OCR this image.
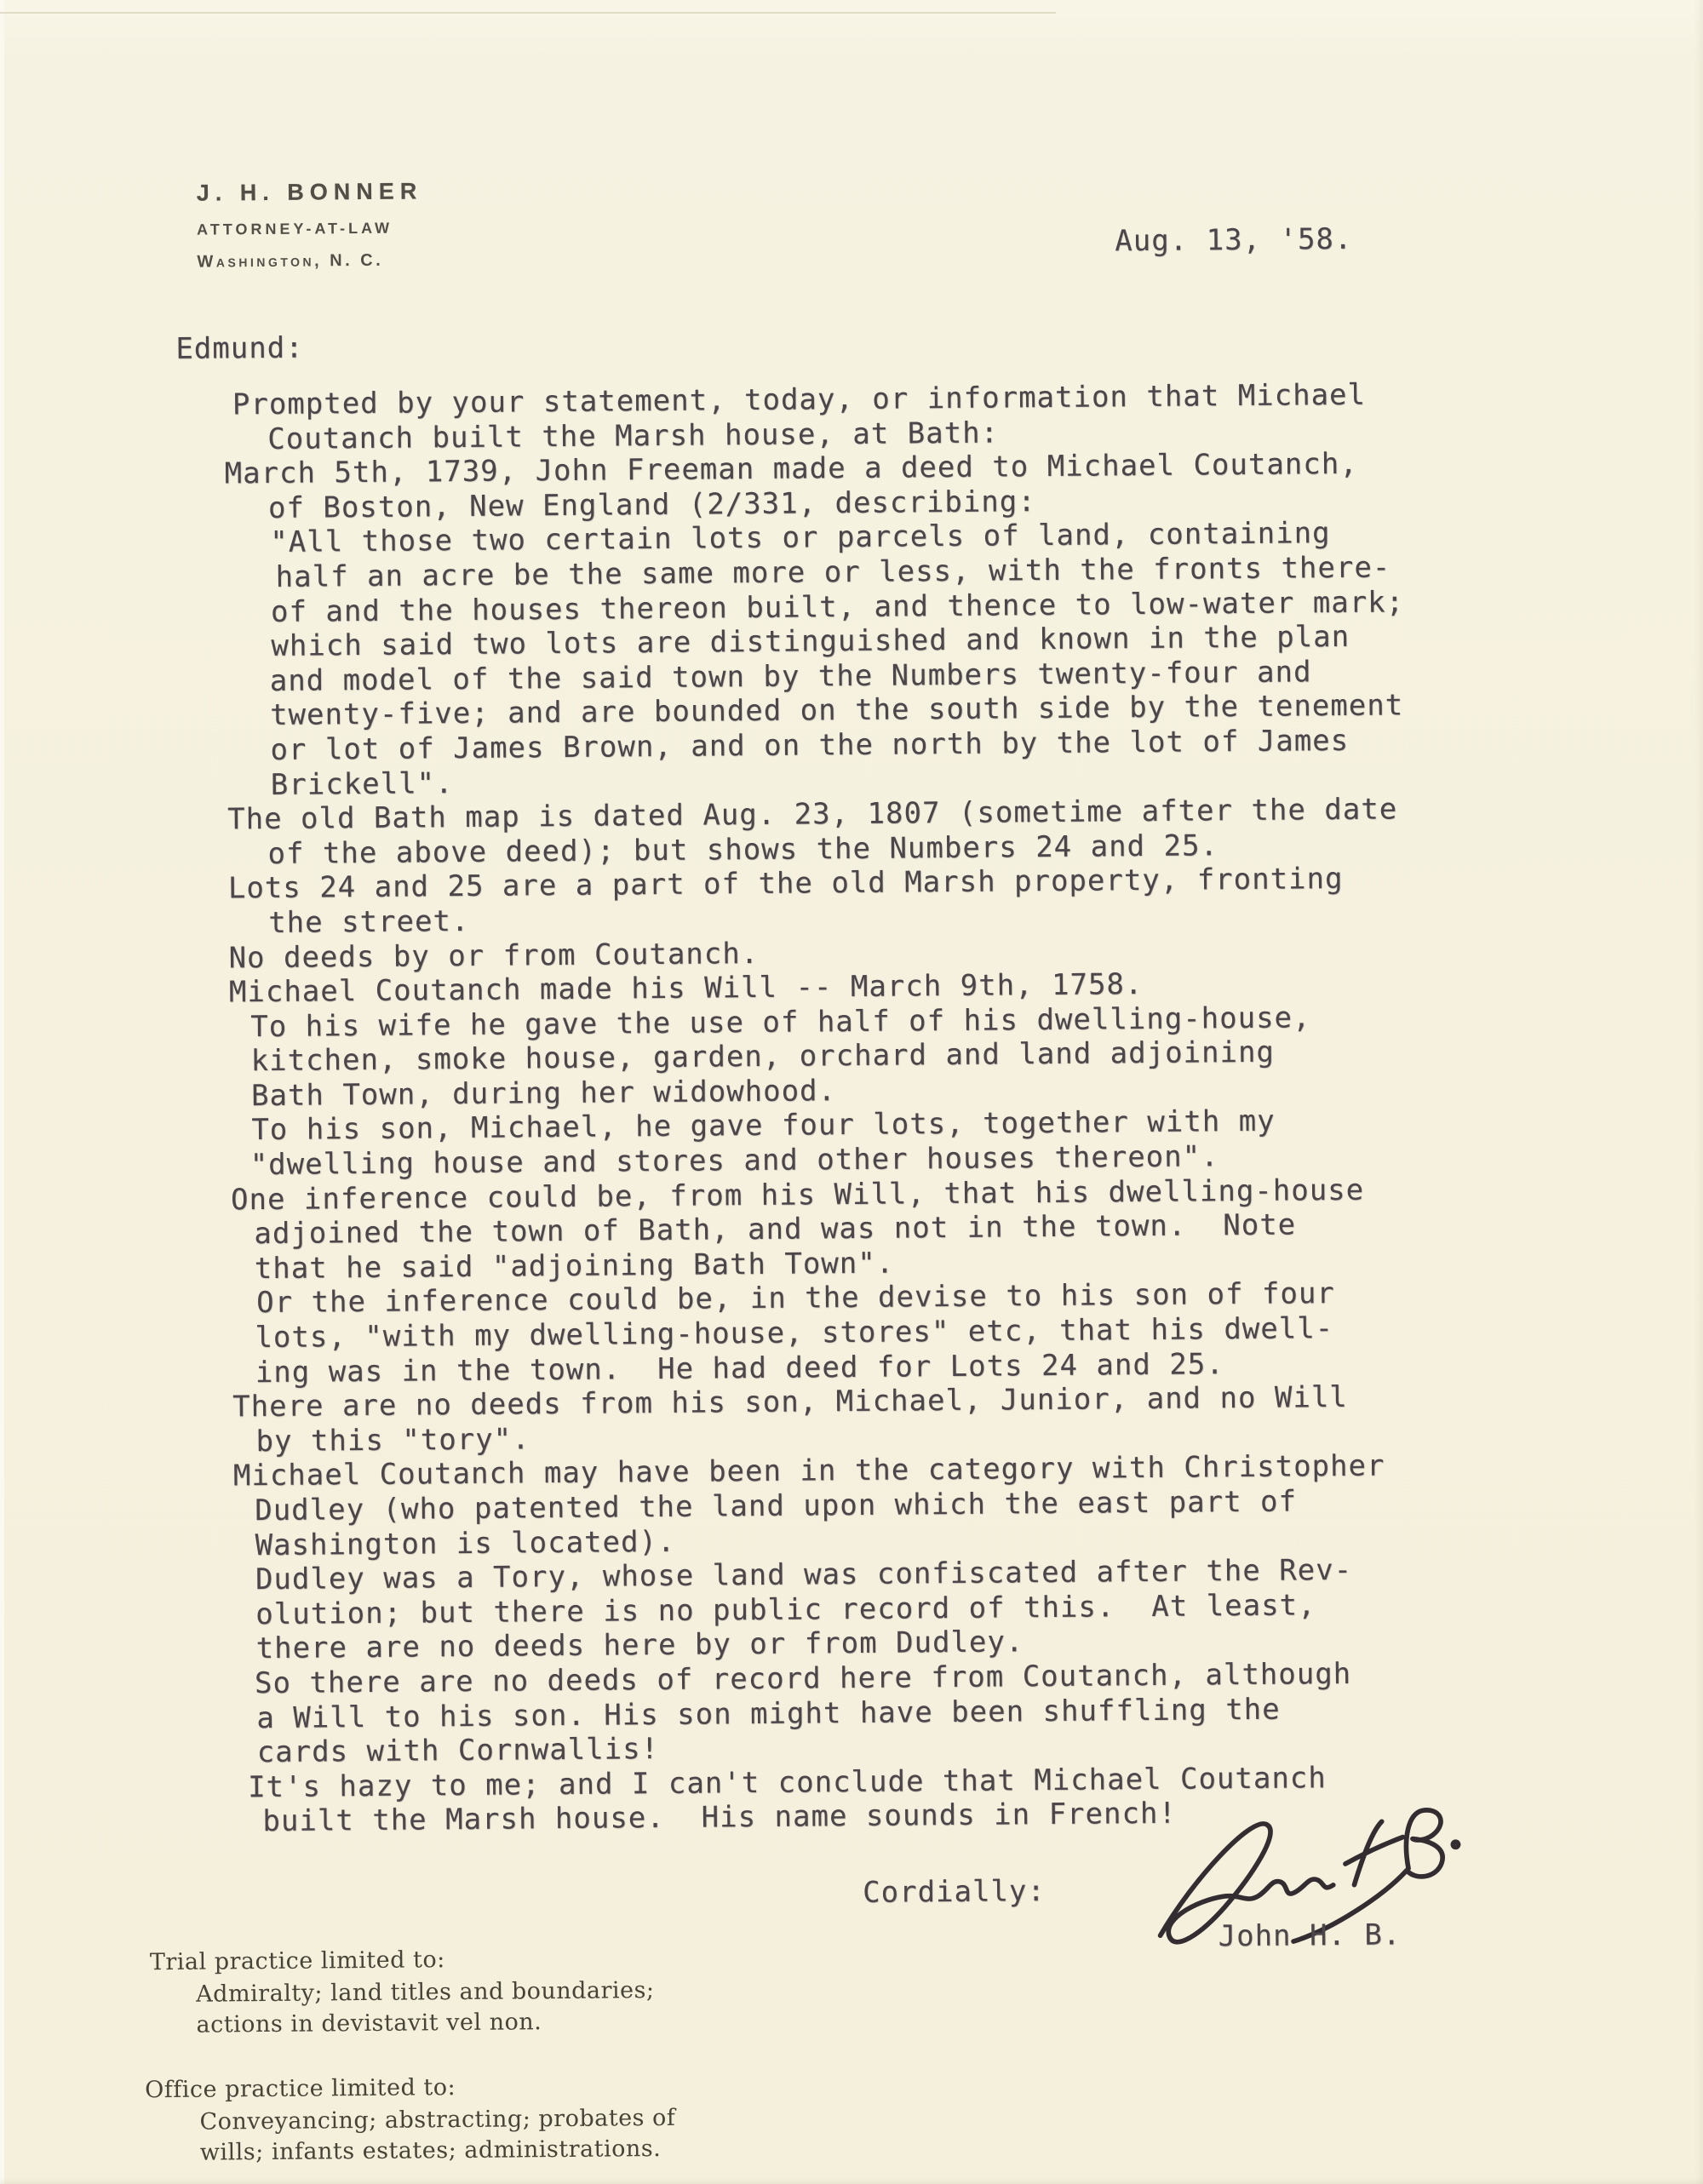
J. H. BONNER
ATTORNEY-AT-LAW
Washington, N. C.
Aug. 13, '58.
Edmund:
Prompted by your statement, today, or information that Michael
Coutanch built the Marsh house, at Bath:
March 5th, 1739, John Freeman made a deed to Michael Coutanch,
of Boston, New England (2/331, describing:
"All those two certain lots or parcels of land, containing
half an acre be the same more or less, with the fronts there-
of and the houses thereon built, and thence to low-water mark;
which said two lots are distinguished and known in the plan
and model of the said town by the Numbers twenty-four and
twenty-five; and are bounded on the south side by the tenement
or lot of James Brown, and on the north by the lot of James
Brickell".
The old Bath map is dated Aug. 23, 1807 (sometime after the date
of the above deed); but shows the Numbers 24 and 25.
Lots 24 and 25 are a part of the old Marsh property, fronting
the street.
No deeds by or from Coutanch.
Michael Coutanch made his Will -- March 9th, 1758.
To his wife he gave the use of half of his dwelling-house,
kitchen, smoke house, garden, orchard and land adjoining
Bath Town, during her widowhood.
To his son, Michael, he gave four lots, together with my
"dwelling house and stores and other houses thereon".
One inference could be, from his Will, that his dwelling-house
adjoined the town of Bath, and was not in the town.  Note
that he said "adjoining Bath Town".
Or the inference could be, in the devise to his son of four
lots, "with my dwelling-house, stores" etc, that his dwell-
ing was in the town.  He had deed for Lots 24 and 25.
There are no deeds from his son, Michael, Junior, and no Will
by this "tory".
Michael Coutanch may have been in the category with Christopher
Dudley (who patented the land upon which the east part of
Washington is located).
Dudley was a Tory, whose land was confiscated after the Rev-
olution; but there is no public record of this.  At least,
there are no deeds here by or from Dudley.
So there are no deeds of record here from Coutanch, although
a Will to his son. His son might have been shuffling the
cards with Cornwallis!
It's hazy to me; and I can't conclude that Michael Coutanch
built the Marsh house.  His name sounds in French!
Cordially:
John H. B.
Trial practice limited to:
Admiralty; land titles and boundaries;
actions in devistavit vel non.
Office practice limited to:
Conveyancing; abstracting; probates of
wills; infants estates; administrations.
